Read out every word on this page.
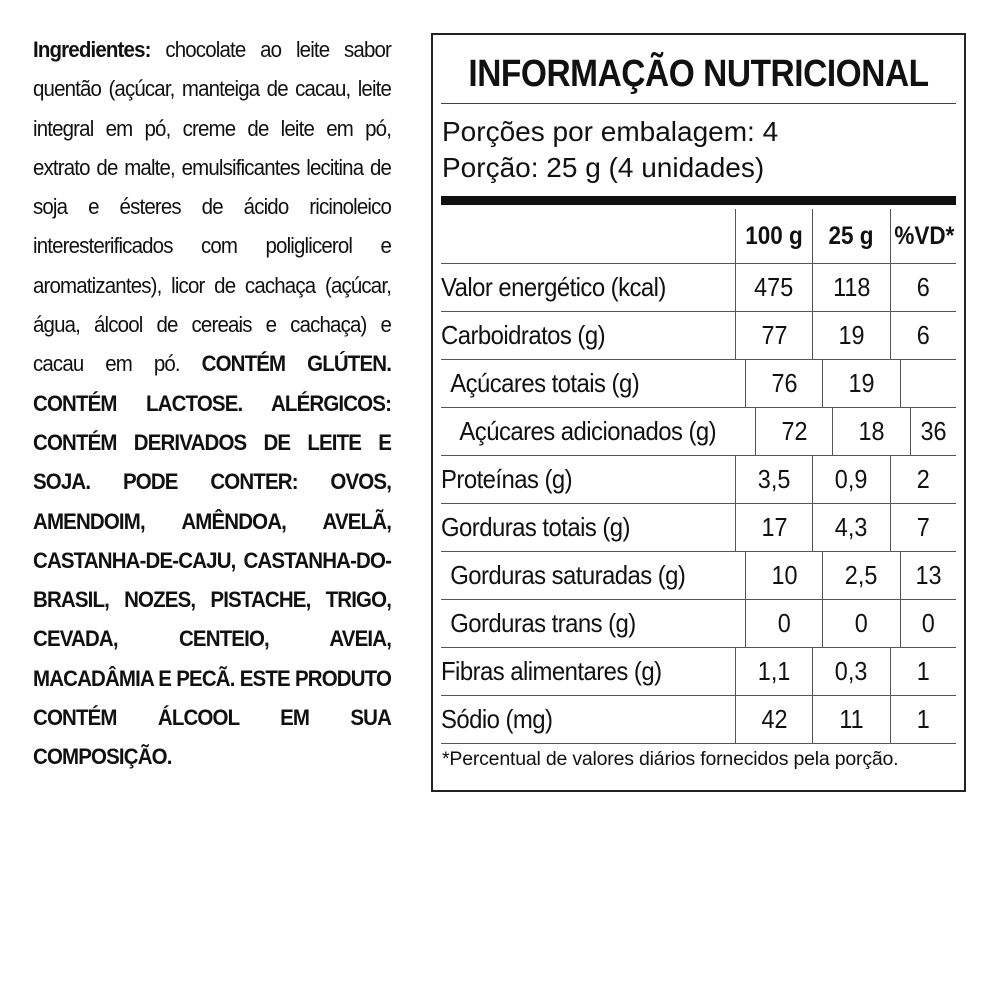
Ingredientes: chocolate ao leite sabor quentão (açúcar, manteiga de cacau, leite integral em pó, creme de leite em pó, extrato de malte, emulsificantes lecitina de soja e ésteres de ácido ricinoleico interesterificados com poliglicerol e aromatizantes), licor de cachaça (açúcar, água, álcool de cereais e cachaça) e cacau em pó. CONTÉM GLÚTEN. CONTÉM LACTOSE. ALÉRGICOS: CONTÉM DERIVADOS DE LEITE E SOJA. PODE CONTER: OVOS, AMENDOIM, AMÊNDOA, AVELÃ, CASTANHA-DE-CAJU, CASTANHA-DO-BRASIL, NOZES, PISTACHE, TRIGO, CEVADA, CENTEIO, AVEIA, MACADÂMIA E PECÃ. ESTE PRODUTO CONTÉM ÁLCOOL EM SUA COMPOSIÇÃO.
INFORMAÇÃO NUTRICIONAL
Porções por embalagem: 4
Porção: 25 g (4 unidades)
100 g 25 g %VD*
Valor energético (kcal)	475 118 6
Carboidratos (g)	77 19 6
Açúcares totais (g)	76 19
Açúcares adicionados (g)	72 18 36
Proteínas (g)	3,5 0,9 2
Gorduras totais (g)	17 4,3 7
Gorduras saturadas (g)	10 2,5 13
Gorduras trans (g)	0 0 0
Fibras alimentares (g)	1,1 0,3 1
Sódio (mg)	42 11 1
*Percentual de valores diários fornecidos pela porção.
